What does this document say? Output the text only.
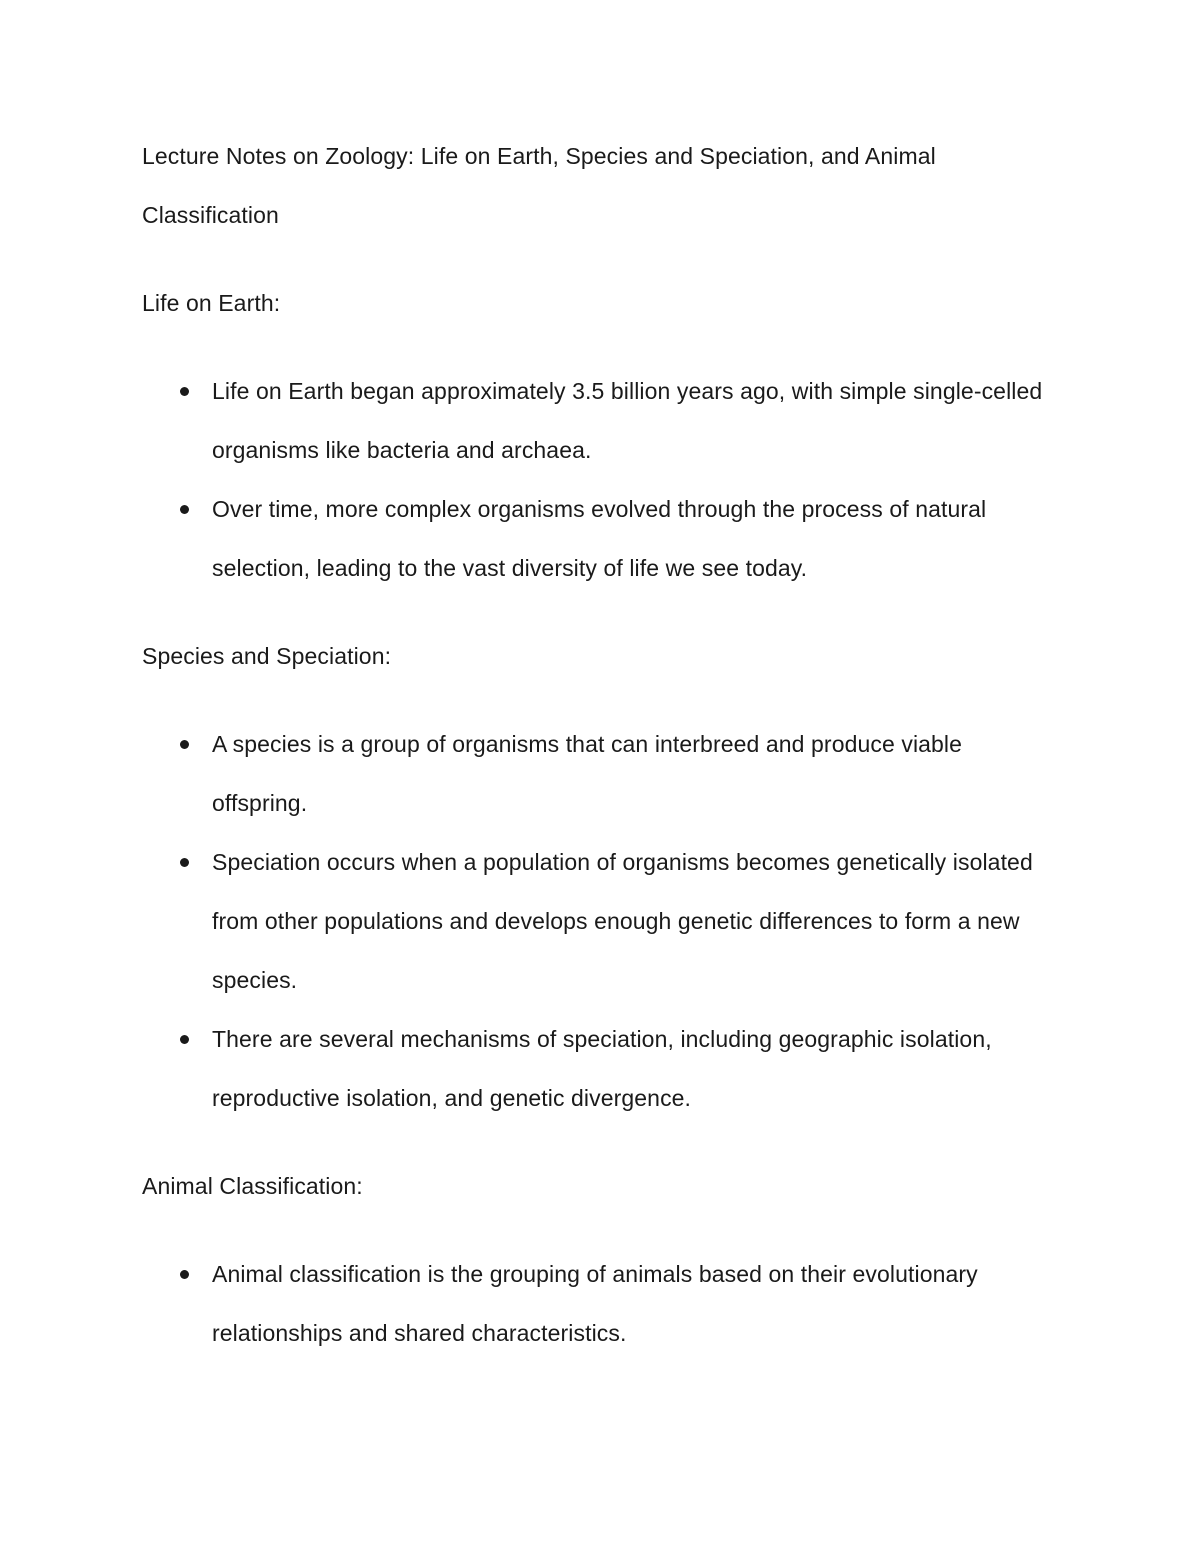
Lecture Notes on Zoology: Life on Earth, Species and Speciation, and Animal Classification

Life on Earth:

Life on Earth began approximately 3.5 billion years ago, with simple single-celled organisms like bacteria and archaea.
Over time, more complex organisms evolved through the process of natural selection, leading to the vast diversity of life we see today.

Species and Speciation:

A species is a group of organisms that can interbreed and produce viable offspring.
Speciation occurs when a population of organisms becomes genetically isolated from other populations and develops enough genetic differences to form a new species.
There are several mechanisms of speciation, including geographic isolation, reproductive isolation, and genetic divergence.

Animal Classification:

Animal classification is the grouping of animals based on their evolutionary relationships and shared characteristics.
